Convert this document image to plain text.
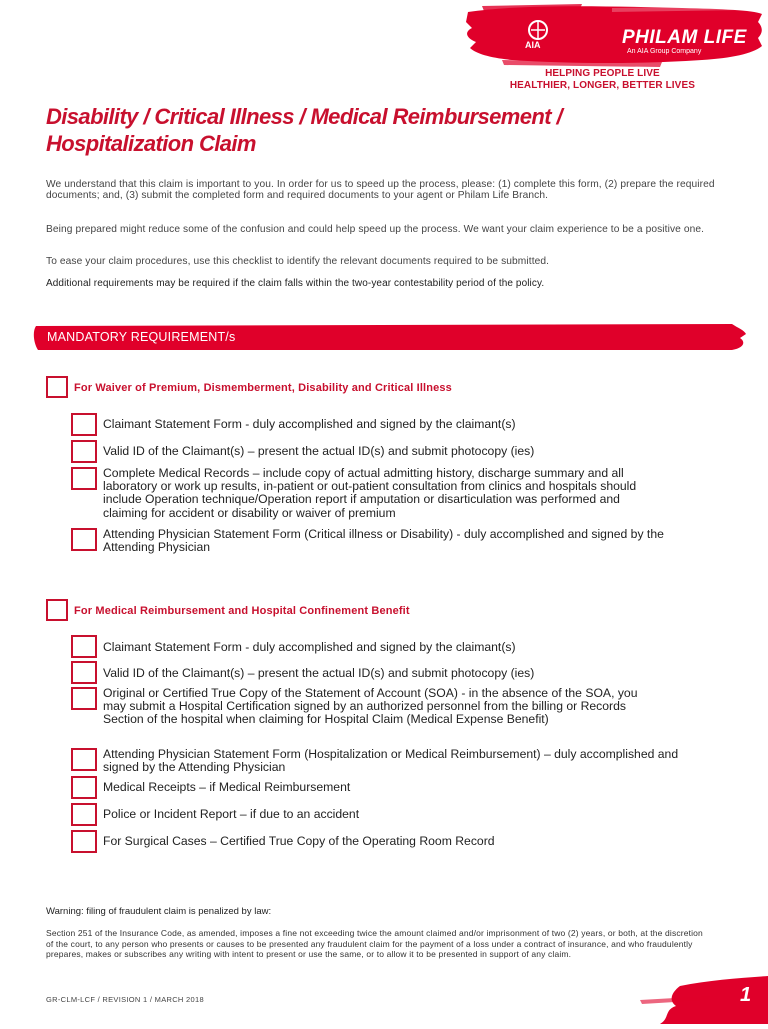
AIA	PHILAM LIFE
An AIA Group Company
HELPING PEOPLE LIVE
HEALTHIER, LONGER, BETTER LIVES
Disability / Critical Illness / Medical Reimbursement /
Hospitalization Claim
We understand that this claim is important to you. In order for us to speed up the process, please: (1) complete this form, (2) prepare the required documents; and, (3) submit the completed form and required documents to your agent or Philam Life Branch.
Being prepared might reduce some of the confusion and could help speed up the process. We want your claim experience to be a positive one.
To ease your claim procedures, use this checklist to identify the relevant documents required to be submitted.
Additional requirements may be required if the claim falls within the two-year contestability period of the policy.
MANDATORY REQUIREMENT/s
For Waiver of Premium, Dismemberment, Disability and Critical Illness
Claimant Statement Form - duly accomplished and signed by the claimant(s)
Valid ID of the Claimant(s) – present the actual ID(s) and submit photocopy (ies)
Complete Medical Records – include copy of actual admitting history, discharge summary and all laboratory or work up results, in-patient or out-patient consultation from clinics and hospitals should include Operation technique/Operation report if amputation or disarticulation was performed and claiming for accident or disability or waiver of premium
Attending Physician Statement Form (Critical illness or Disability) - duly accomplished and signed by the Attending Physician
For Medical Reimbursement and Hospital Confinement Benefit
Claimant Statement Form - duly accomplished and signed by the claimant(s)
Valid ID of the Claimant(s) – present the actual ID(s) and submit photocopy (ies)
Original or Certified True Copy of the Statement of Account (SOA) - in the absence of the SOA, you may submit a Hospital Certification signed by an authorized personnel from the billing or Records Section of the hospital when claiming for Hospital Claim (Medical Expense Benefit)
Attending Physician Statement Form (Hospitalization or Medical Reimbursement) – duly accomplished and signed by the Attending Physician
Medical Receipts – if Medical Reimbursement
Police or Incident Report – if due to an accident
For Surgical Cases – Certified True Copy of the Operating Room Record
Warning: filing of fraudulent claim is penalized by law:
Section 251 of the Insurance Code, as amended, imposes a fine not exceeding twice the amount claimed and/or imprisonment of two (2) years, or both, at the discretion of the court, to any person who presents or causes to be presented any fraudulent claim for the payment of a loss under a contract of insurance, and who fraudulently prepares, makes or subscribes any writing with intent to present or use the same, or to allow it to be presented in support of any claim.
GR-CLM-LCF / REVISION 1 / MARCH 2018	1
